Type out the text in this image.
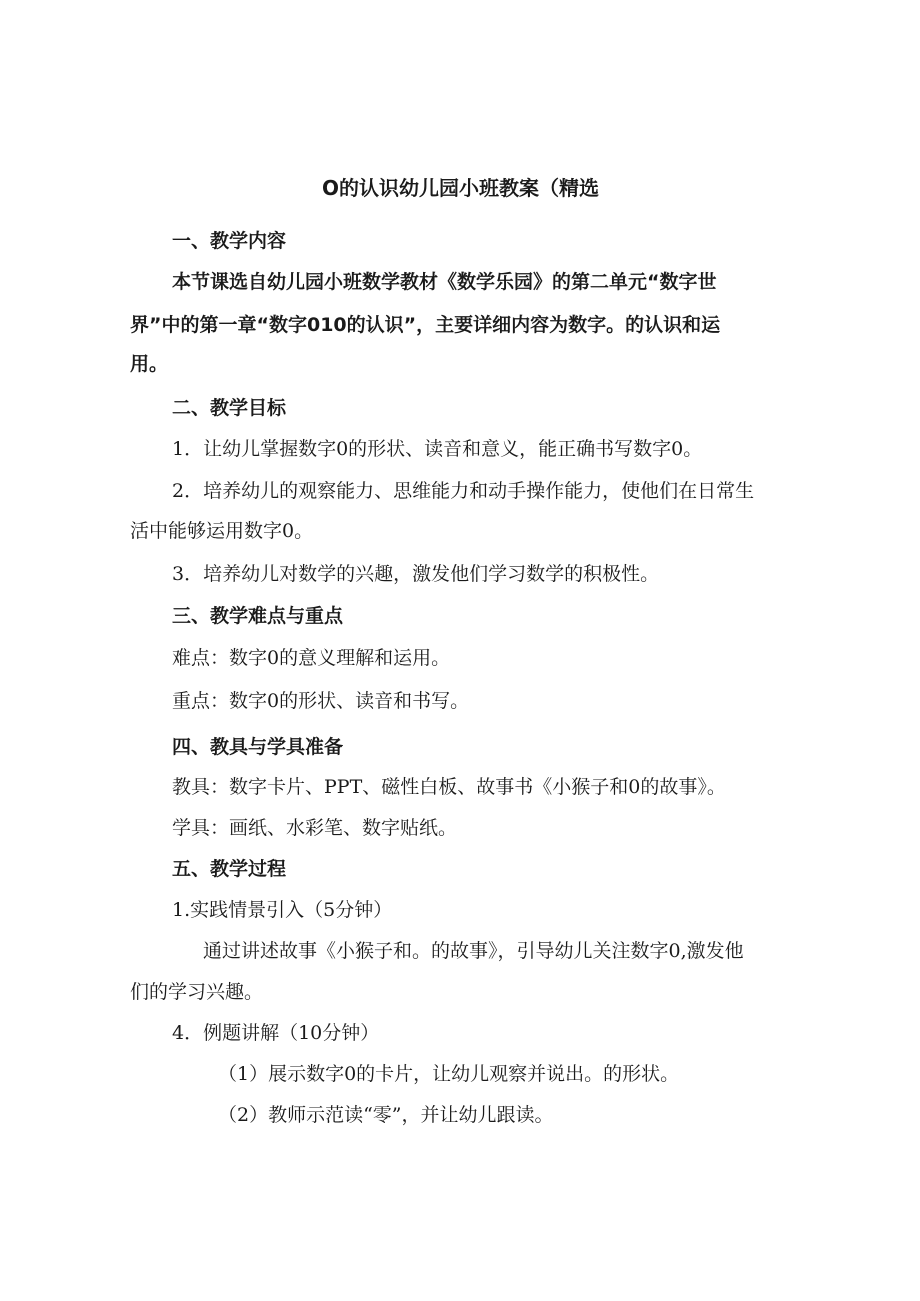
O的认识幼儿园小班教案（精选
一、教学内容
本节课选自幼儿园小班数学教材《数学乐园》的第二单元“数字世
界”中的第一章“数字010的认识”，主要详细内容为数字。的认识和运
用。
二、教学目标
1．让幼儿掌握数字0的形状、读音和意义，能正确书写数字0。
2．培养幼儿的观察能力、思维能力和动手操作能力，使他们在日常生
活中能够运用数字0。
3．培养幼儿对数学的兴趣，激发他们学习数学的积极性。
三、教学难点与重点
难点：数字0的意义理解和运用。
重点：数字0的形状、读音和书写。
四、教具与学具准备
教具：数字卡片、PPT、磁性白板、故事书《小猴子和0的故事》。
学具：画纸、水彩笔、数字贴纸。
五、教学过程
1.实践情景引入（5分钟）
通过讲述故事《小猴子和。的故事》，引导幼儿关注数字0,激发他
们的学习兴趣。
4．例题讲解（10分钟）
（1）展示数字0的卡片，让幼儿观察并说出。的形状。
（2）教师示范读“零”，并让幼儿跟读。
